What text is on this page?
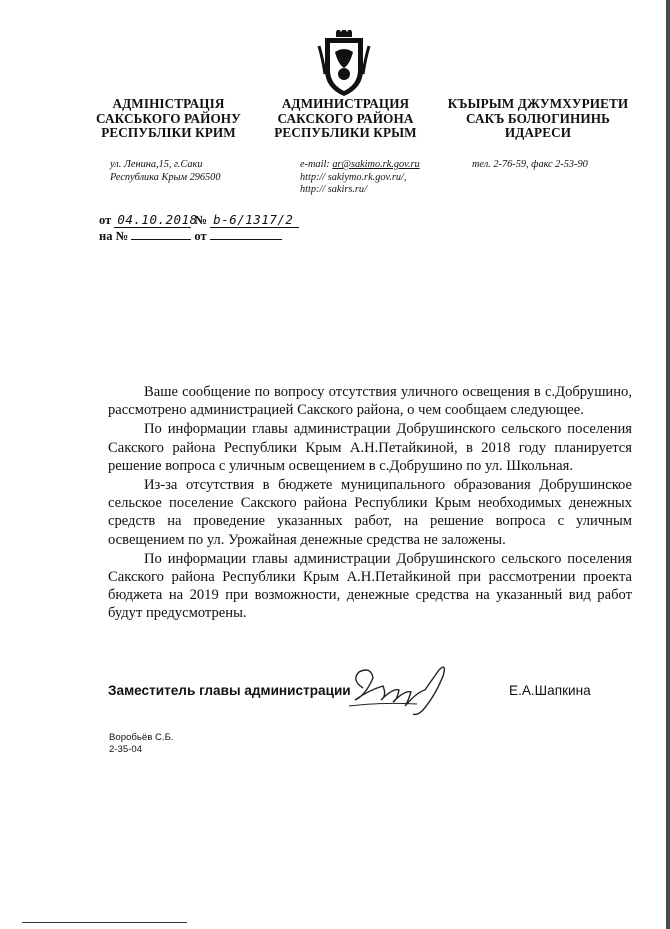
АДМІНІСТРАЦІЯ
САКСЬКОГО РАЙОНУ
РЕСПУБЛІКИ КРИМ
АДМИНИСТРАЦИЯ
САКСКОГО РАЙОНА
РЕСПУБЛИКИ КРЫМ
КЪЫРЫМ ДЖУМХУРИЕТИ
САКЪ БОЛЮГИНИНЬ
ИДАРЕСИ
ул. Ленина,15, г.Саки
Республика Крым 296500
e-mail: ar@sakimo.rk.gov.ru
http:// sakiymo.rk.gov.ru/,
http:// sakirs.ru/
тел. 2-76-59, факс 2-53-90
от 04.10.2018 № b-6/1317/2
на №	от

Ваше сообщение по вопросу отсутствия уличного освещения в с.Добрушино, рассмотрено администрацией Сакского района, о чем сообщаем следующее.

По информации главы администрации Добрушинского сельского поселения Сакского района Республики Крым А.Н.Петайкиной, в 2018 году планируется решение вопроса с уличным освещением в с.Добрушино по ул. Школьная.

Из-за отсутствия в бюджете муниципального образования Добрушинское сельское поселение Сакского района Республики Крым необходимых денежных средств на проведение указанных работ, на решение вопроса с уличным освещением по ул. Урожайная денежные средства не заложены.

По информации главы администрации Добрушинского сельского поселения Сакского района Республики Крым А.Н.Петайкиной при рассмотрении проекта бюджета на 2019 при возможности, денежные средства на указанный вид работ будут предусмотрены.

Заместитель главы администрации	Е.А.Шапкина
Воробьёв С.Б.
2-35-04
